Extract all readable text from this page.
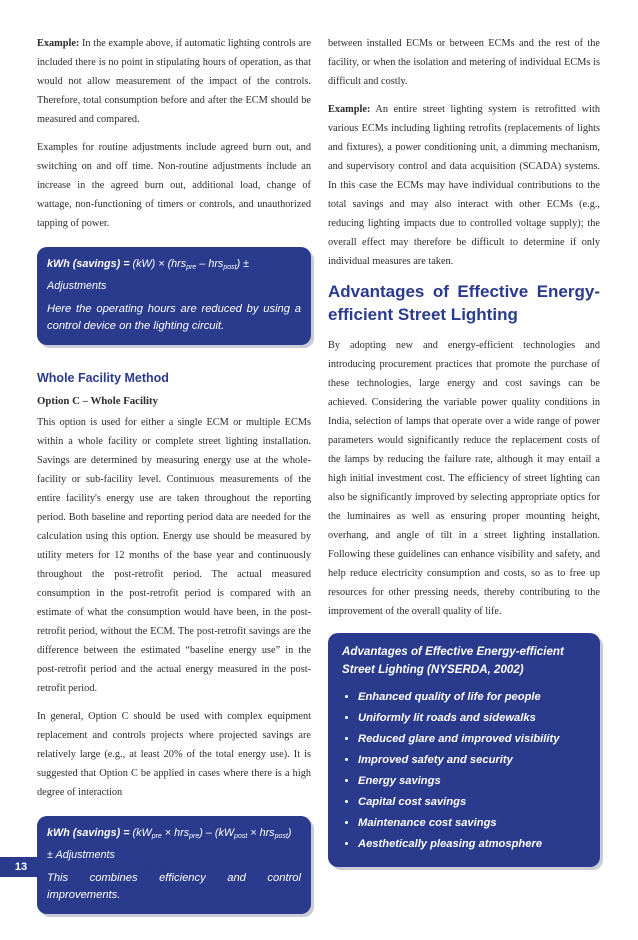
Example: In the example above, if automatic lighting controls are included there is no point in stipulating hours of operation, as that would not allow measurement of the impact of the controls. Therefore, total consumption before and after the ECM should be measured and compared.

Examples for routine adjustments include agreed burn out, and switching on and off time. Non-routine adjustments include an increase in the agreed burn out, additional load, change of wattage, non-functioning of timers or controls, and unauthorized tapping of power.

kWh (savings) = (kW) × (hrs$_{pre}$ – hrs$_{post}$) ± Adjustments
Here the operating hours are reduced by using a control device on the lighting circuit.
Whole Facility Method
Option C – Whole Facility

This option is used for either a single ECM or multiple ECMs within a whole facility or complete street lighting installation. Savings are determined by measuring energy use at the whole-facility or sub-facility level. Continuous measurements of the entire facility's energy use are taken throughout the reporting period. Both baseline and reporting period data are needed for the calculation using this option. Energy use should be measured by utility meters for 12 months of the base year and continuously throughout the post-retrofit period. The actual measured consumption in the post-retrofit period is compared with an estimate of what the consumption would have been, in the post-retrofit period, without the ECM. The post-retrofit savings are the difference between the estimated “baseline energy use” in the post-retrofit period and the actual energy measured in the post-retrofit period.

In general, Option C should be used with complex equipment replacement and controls projects where projected savings are relatively large (e.g., at least 20% of the total energy use). It is suggested that Option C be applied in cases where there is a high degree of interaction

kWh (savings) = $(kW_{pre} \times hrs_{pre}) - (kW_{post} \times hrs_{post})$
± Adjustments
This combines efficiency and control improvements.

between installed ECMs or between ECMs and the rest of the facility, or when the isolation and metering of individual ECMs is difficult and costly.

Example: An entire street lighting system is retrofitted with various ECMs including lighting retrofits (replacements of lights and fixtures), a power conditioning unit, a dimming mechanism, and supervisory control and data acquisition (SCADA) systems. In this case the ECMs may have individual contributions to the total savings and may also interact with other ECMs (e.g., reducing lighting impacts due to controlled voltage supply); the overall effect may therefore be difficult to determine if only individual measures are taken.

Advantages of Effective Energy-efficient Street Lighting

By adopting new and energy-efficient technologies and introducing procurement practices that promote the purchase of these technologies, large energy and cost savings can be achieved. Considering the variable power quality conditions in India, selection of lamps that operate over a wide range of power parameters would significantly reduce the replacement costs of the lamps by reducing the failure rate, although it may entail a high initial investment cost. The efficiency of street lighting can also be significantly improved by selecting appropriate optics for the luminaires as well as ensuring proper mounting height, overhang, and angle of tilt in a street lighting installation. Following these guidelines can enhance visibility and safety, and help reduce electricity consumption and costs, so as to free up resources for other pressing needs, thereby contributing to the improvement of the overall quality of life.

Advantages of Effective Energy-efficient Street Lighting (NYSERDA, 2002)
• Enhanced quality of life for people
• Uniformly lit roads and sidewalks
• Reduced glare and improved visibility
• Improved safety and security
• Energy savings
• Capital cost savings
• Maintenance cost savings
• Aesthetically pleasing atmosphere
13	Version 2.0 — June, 2010
